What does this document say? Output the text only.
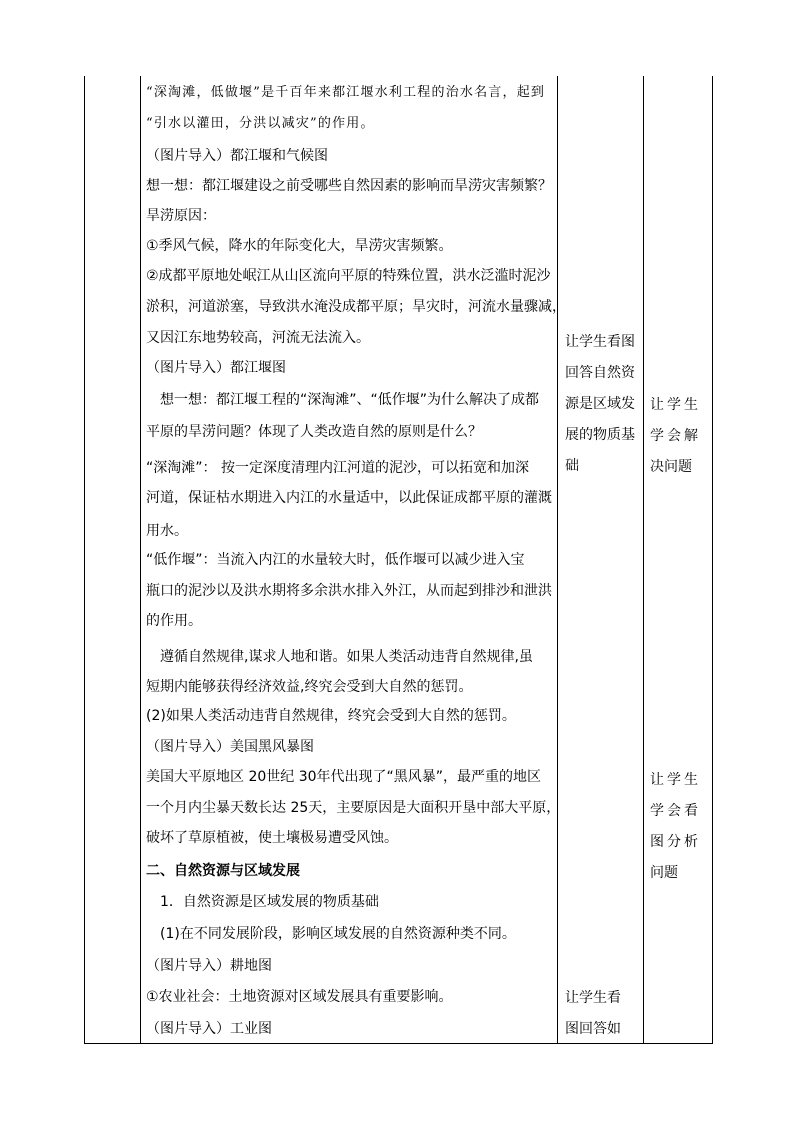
“深淘滩，低做堰”是千百年来都江堰水利工程的治水名言，起到
“引水以灌田，分洪以减灾”的作用。
（图片导入）都江堰和气候图
想一想：都江堰建设之前受哪些自然因素的影响而旱涝灾害频繁？
旱涝原因：
①季风气候，降水的年际变化大，旱涝灾害频繁。
②成都平原地处岷江从山区流向平原的特殊位置，洪水泛滥时泥沙
淤积，河道淤塞，导致洪水淹没成都平原；旱灾时，河流水量骤减，
又因江东地势较高，河流无法流入。
（图片导入）都江堰图
　想一想：都江堰工程的“深淘滩”、“低作堰”为什么解决了成都
平原的旱涝问题？体现了人类改造自然的原则是什么？
“深淘滩”： 按一定深度清理内江河道的泥沙，可以拓宽和加深
河道，保证枯水期进入内江的水量适中，以此保证成都平原的灌溉
用水。
“低作堰”：当流入内江的水量较大时，低作堰可以减少进入宝
瓶口的泥沙以及洪水期将多余洪水排入外江，从而起到排沙和泄洪
的作用。
　遵循自然规律,谋求人地和谐。如果人类活动违背自然规律,虽
短期内能够获得经济效益,终究会受到大自然的惩罚。
(2)如果人类活动违背自然规律，终究会受到大自然的惩罚。
（图片导入）美国黑风暴图
美国大平原地区 20世纪 30年代出现了“黑风暴”，最严重的地区
一个月内尘暴天数长达 25天，主要原因是大面积开垦中部大平原，
破坏了草原植被，使土壤极易遭受风蚀。
二、自然资源与区域发展
　1．自然资源是区域发展的物质基础
　(1)在不同发展阶段，影响区域发展的自然资源种类不同。
（图片导入）耕地图
①农业社会：土地资源对区域发展具有重要影响。
（图片导入）工业图
让学生看图
回答自然资
源是区域发
展的物质基
础
让学生看
图回答如
让学生
学会解
决问题
让学生
学会看
图分析
问题
